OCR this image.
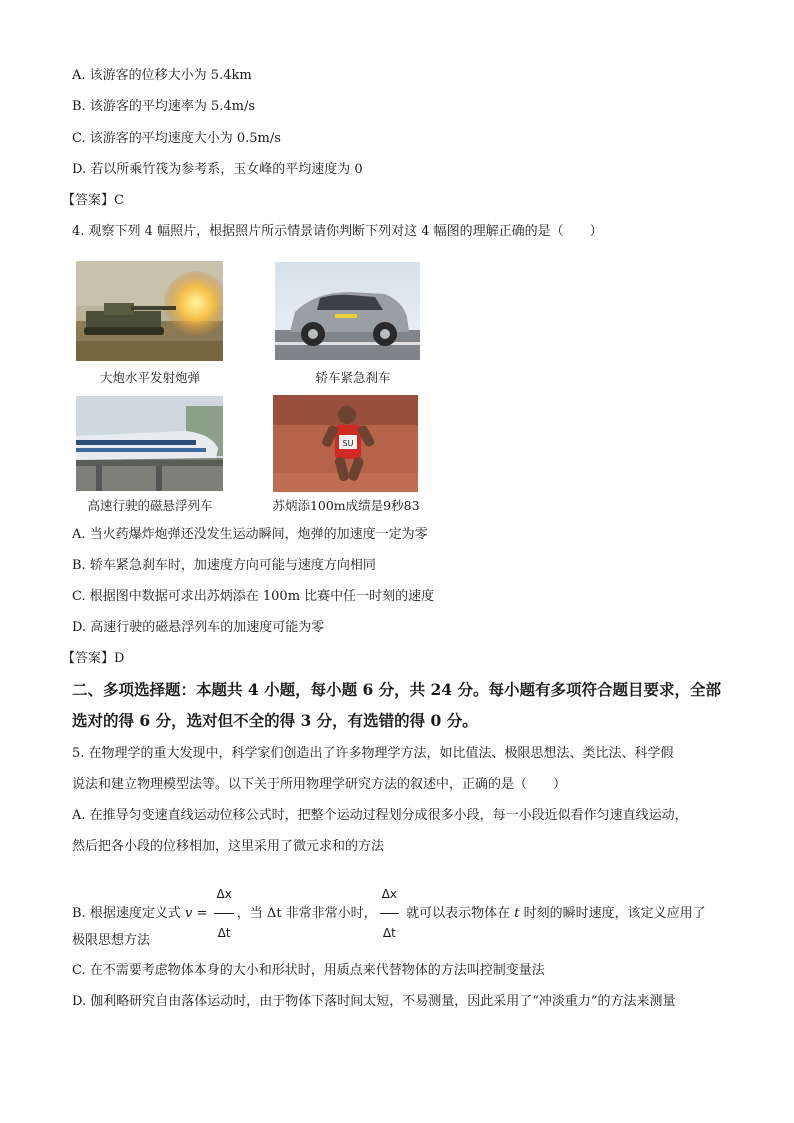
A. 该游客的位移大小为 5.4km
B. 该游客的平均速率为 5.4m/s
C. 该游客的平均速度大小为 0.5m/s
D. 若以所乘竹筏为参考系，玉女峰的平均速度为 0
【答案】C
4. 观察下列 4 幅照片，根据照片所示情景请你判断下列对这 4 幅图的理解正确的是（　　）
大炮水平发射炮弹	轿车紧急刹车
高速行驶的磁悬浮列车
SU
苏炳添100m成绩是9秒83
A. 当火药爆炸炮弹还没发生运动瞬间，炮弹的加速度一定为零
B. 轿车紧急刹车时，加速度方向可能与速度方向相同
C. 根据图中数据可求出苏炳添在 100m 比赛中任一时刻的速度
D. 高速行驶的磁悬浮列车的加速度可能为零
【答案】D
二、多项选择题：本题共 4 小题，每小题 6 分，共 24 分。每小题有多项符合题目要求，全部
选对的得 6 分，选对但不全的得 3 分，有选错的得 0 分。
5. 在物理学的重大发现中，科学家们创造出了许多物理学方法，如比值法、极限思想法、类比法、科学假
说法和建立物理模型法等。以下关于所用物理学研究方法的叙述中，正确的是（　　）
A. 在推导匀变速直线运动位移公式时，把整个运动过程划分成很多小段，每一小段近似看作匀速直线运动，
然后把各小段的位移相加，这里采用了微元求和的方法
B. 根据速度定义式 $v = \frac{\Delta x}{\Delta t}$ ，当 Δt 非常非常小时， $\frac{\Delta x}{\Delta t}$ 就可以表示物体在 t 时刻的瞬时速度，该定义应用了
极限思想方法
C. 在不需要考虑物体本身的大小和形状时，用质点来代替物体的方法叫控制变量法
D. 伽利略研究自由落体运动时，由于物体下落时间太短，不易测量，因此采用了“冲淡重力”的方法来测量
